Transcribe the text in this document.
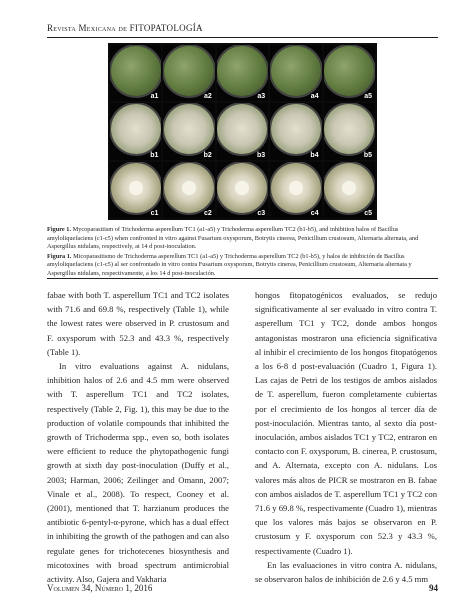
Revista Mexicana de FITOPATOLOGÍA
a1	a2	a3	a4	a5
b1	b2	b3	b4	b5
c1	c2	c3	c4	c5

Figure 1. Mycoparasitism of Trichoderma asperellum TC1 (a1-a5) y Trichoderma asperellum TC2 (b1-b5), and inhibition halos of Bacillus amyloliquefaciens (c1-c5) when confronted in vitro against Fusarium oxysporum, Botrytis cinerea, Penicillium crustosum, Alternaria alternata, and Aspergillus nidulans, respectively, at 14 d post-inoculation.

Figura 1. Micoparasitismo de Trichoderma asperellum TC1 (a1-a5) y Trichoderma asperellum TC2 (b1-b5), y halos de inhibición de Bacillus amyloliquefaciens (c1-c5) al ser confrontado in vitro contra Fusarium oxysporum, Botrytis cinerea, Penicillium crustosum, Alternaria alternata y Aspergillus nidulans, respectivamente, a los 14 d post-inoculación.

fabae with both T. asperellum TC1 and TC2 isolates with 71.6 and 69.8 %, respectively (Table 1), while the lowest rates were observed in P. crustosum and F. oxysporum with 52.3 and 43.3 %, respectively (Table 1).

In vitro evaluations against A. nidulans, inhibition halos of 2.6 and 4.5 mm were observed with T. asperellum TC1 and TC2 isolates, respectively (Table 2, Fig. 1), this may be due to the production of volatile compounds that inhibited the growth of Trichoderma spp., even so, both isolates were efficient to reduce the phytopathogenic fungi growth at sixth day post-inoculation (Duffy et al., 2003; Harman, 2006; Zeilinger and Omann, 2007; Vinale et al., 2008). To respect, Cooney et al. (2001), mentioned that T. harzianum produces the antibiotic 6-pentyl-α-pyrone, which has a dual effect in inhibiting the growth of the pathogen and can also regulate genes for trichotecenes biosynthesis and micotoxines with broad spectrum antimicrobial activity. Also, Gajera and Vakharia

hongos fitopatogénicos evaluados, se redujo significativamente al ser evaluado in vitro contra T. asperellum TC1 y TC2, donde ambos hongos antagonistas mostraron una eficiencia significativa al inhibir el crecimiento de los hongos fitopatógenos a los 6-8 d post-evaluación (Cuadro 1, Figura 1). Las cajas de Petri de los testigos de ambos aislados de T. asperellum, fueron completamente cubiertas por el crecimiento de los hongos al tercer día de post-inoculación. Mientras tanto, al sexto día post-inoculación, ambos aislados TC1 y TC2, entraron en contacto con F. oxysporum, B. cinerea, P. crustosum, and A. Alternata, excepto con A. nidulans. Los valores más altos de PICR se mostraron en B. fabae con ambos aislados de T. asperellum TC1 y TC2 con 71.6 y 69.8 %, respectivamente (Cuadro 1), mientras que los valores más bajos se observaron en P. crustosum y F. oxysporum con 52.3 y 43.3 %, respectivamente (Cuadro 1).

En las evaluaciones in vitro contra A. nidulans, se observaron halos de inhibición de 2.6 y 4.5 mm

Volumen 34, Número 1, 2016	94
